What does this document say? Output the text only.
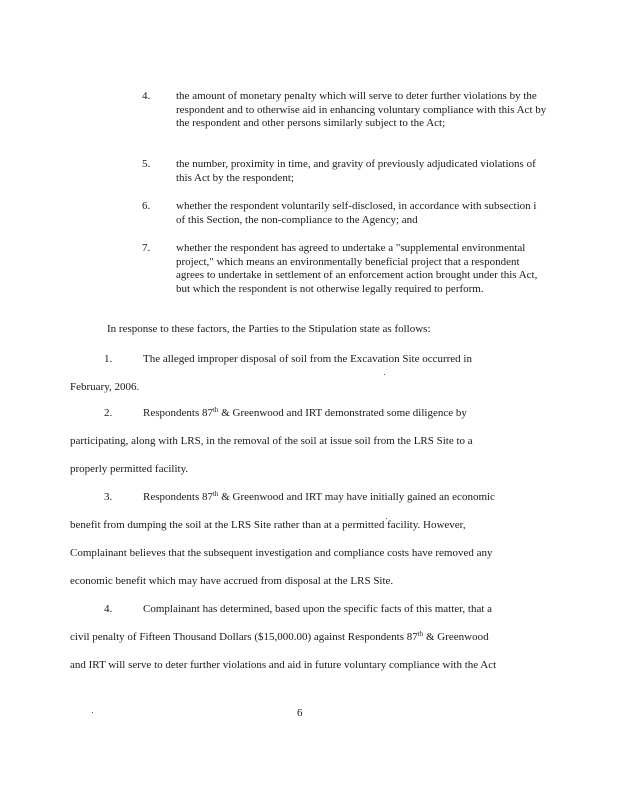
4. the amount of monetary penalty which will serve to deter further violations by the respondent and to otherwise aid in enhancing voluntary compliance with this Act by the respondent and other persons similarly subject to the Act;
5. the number, proximity in time, and gravity of previously adjudicated violations of this Act by the respondent;
6. whether the respondent voluntarily self-disclosed, in accordance with subsection i of this Section, the non-compliance to the Agency; and
7. whether the respondent has agreed to undertake a "supplemental environmental project," which means an environmentally beneficial project that a respondent agrees to undertake in settlement of an enforcement action brought under this Act, but which the respondent is not otherwise legally required to perform.
In response to these factors, the Parties to the Stipulation state as follows:
1.	The alleged improper disposal of soil from the Excavation Site occurred in
February, 2006.
2.	Respondents 87th & Greenwood and IRT demonstrated some diligence by
participating, along with LRS, in the removal of the soil at issue soil from the LRS Site to a
properly permitted facility.
3.	Respondents 87th & Greenwood and IRT may have initially gained an economic
benefit from dumping the soil at the LRS Site rather than at a permitted facility. However,
Complainant believes that the subsequent investigation and compliance costs have removed any
economic benefit which may have accrued from disposal at the LRS Site.
4.	Complainant has determined, based upon the specific facts of this matter, that a
civil penalty of Fifteen Thousand Dollars ($15,000.00) against Respondents 87th & Greenwood
and IRT will serve to deter further violations and aid in future voluntary compliance with the Act
6
